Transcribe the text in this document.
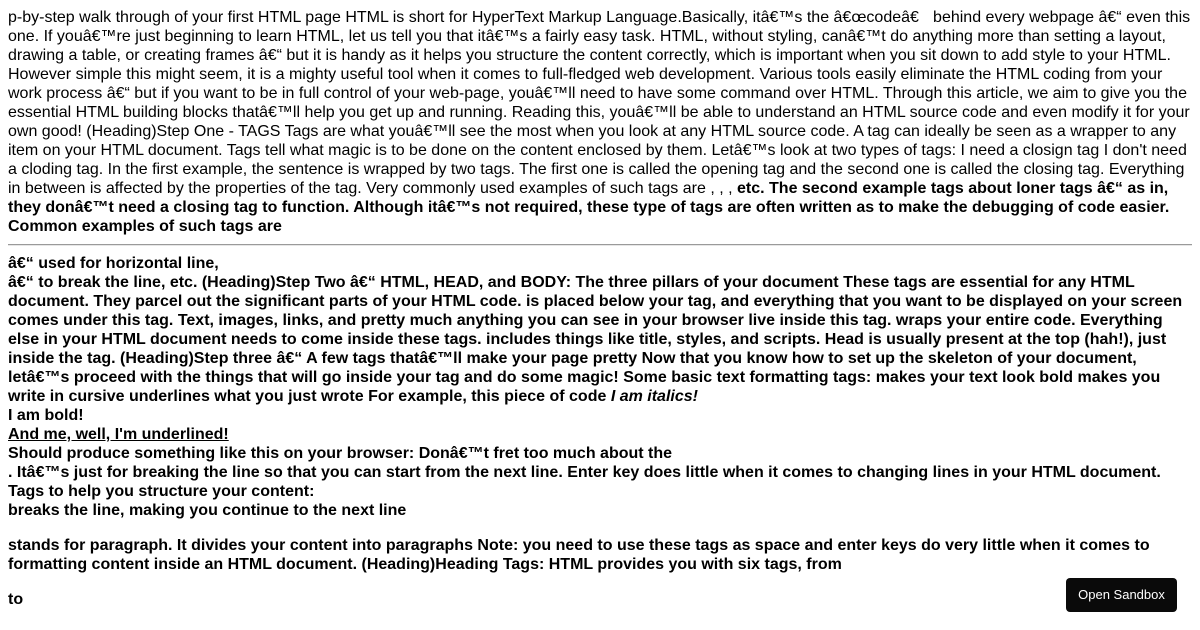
p-by-step walk through of your first HTML page HTML is short for HyperText Markup Language.Basically, itâ€™s the â€œcodeâ€ behind every webpage â€“ even this one. If youâ€™re just beginning to learn HTML, let us tell you that itâ€™s a fairly easy task. HTML, without styling, canâ€™t do anything more than setting a layout, drawing a table, or creating frames â€“ but it is handy as it helps you structure the content correctly, which is important when you sit down to add style to your HTML. However simple this might seem, it is a mighty useful tool when it comes to full-fledged web development. Various tools easily eliminate the HTML coding from your work process â€“ but if you want to be in full control of your web-page, youâ€™ll need to have some command over HTML. Through this article, we aim to give you the essential HTML building blocks thatâ€™ll help you get up and running. Reading this, youâ€™ll be able to understand an HTML source code and even modify it for your own good! (Heading)Step One - TAGS Tags are what youâ€™ll see the most when you look at any HTML source code. A tag can ideally be seen as a wrapper to any item on your HTML document. Tags tell what magic is to be done on the content enclosed by them. Letâ€™s look at two types of tags: I need a closign tag I don't need a cloding tag. In the first example, the sentence is wrapped by two tags. The first one is called the opening tag and the second one is called the closing tag. Everything in between is affected by the properties of the tag. Very commonly used examples of such tags are , , , etc. The second example tags about loner tags â€“ as in, they donâ€™t need a closing tag to function. Although itâ€™s not required, these type of tags are often written as to make the debugging of code easier. Common examples of such tags are

â€“ used for horizontal line,

â€“ to break the line, etc. (Heading)Step Two â€“ HTML, HEAD, and BODY: The three pillars of your document These tags are essential for any HTML document. They parcel out the significant parts of your HTML code. is placed below your tag, and everything that you want to be displayed on your screen comes under this tag. Text, images, links, and pretty much anything you can see in your browser live inside this tag. wraps your entire code. Everything else in your HTML document needs to come inside these tags. includes things like title, styles, and scripts. Head is usually present at the top (hah!), just inside the tag. (Heading)Step three â€“ A few tags thatâ€™ll make your page pretty Now that you know how to set up the skeleton of your document, letâ€™s proceed with the things that will go inside your tag and do some magic! Some basic text formatting tags: makes your text look bold makes you write in cursive underlines what you just wrote For example, this piece of code I am italics!

I am bold!
And me, well, I'm underlined!
Should produce something like this on your browser: Donâ€™t fret too much about the
. Itâ€™s just for breaking the line so that you can start from the next line. Enter key does little when it comes to changing lines in your HTML document. Tags to help you structure your content:
breaks the line, making you continue to the next line
stands for paragraph. It divides your content into paragraphs Note: you need to use these tags as space and enter keys do very little when it comes to formatting content inside an HTML document. (Heading)Heading Tags: HTML provides you with six tags, from
to	Open Sandbox
